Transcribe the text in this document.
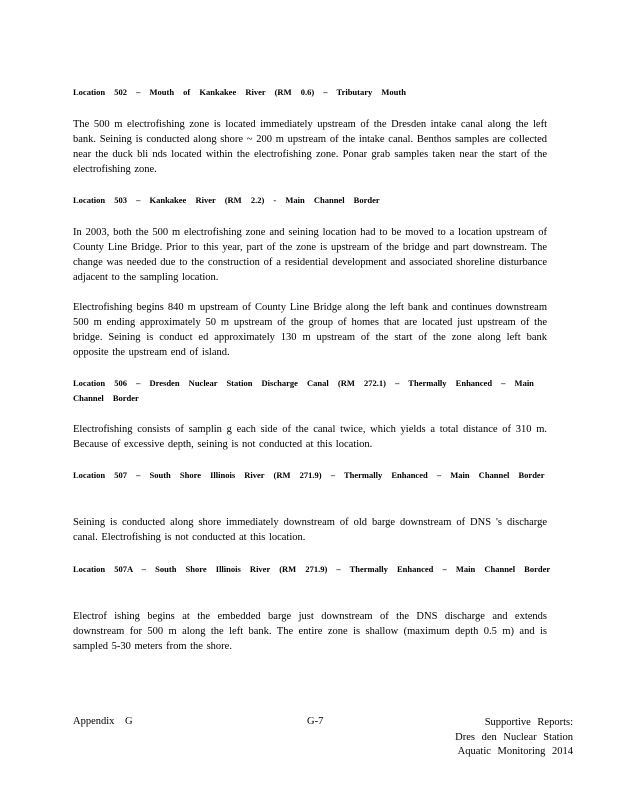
Location 502 – Mouth of Kankakee River (RM 0.6) – Tributary Mouth
The 500 m electrofishing zone is located immediately upstream of the Dresden intake canal along the left bank. Seining is conducted along shore ~ 200 m upstream of the intake canal. Benthos samples are collected near the duck bli nds located within the electrofishing zone. Ponar grab samples taken near the start of the electrofishing zone.
Location 503 – Kankakee River (RM 2.2) - Main Channel Border
In 2003, both the 500 m electrofishing zone and seining location had to be moved to a location upstream of County Line Bridge. Prior to this year, part of the zone is upstream of the bridge and part downstream. The change was needed due to the construction of a residential development and associated shoreline disturbance adjacent to the sampling location.
Electrofishing begins 840 m upstream of County Line Bridge along the left bank and continues downstream 500 m ending approximately 50 m upstream of the group of homes that are located just upstream of the bridge. Seining is conduct ed approximately 130 m upstream of the start of the zone along left bank opposite the upstream end of island.
Location 506 – Dresden Nuclear Station Discharge Canal (RM 272.1) – Thermally Enhanced – Main Channel Border
Electrofishing consists of samplin g each side of the canal twice, which yields a total distance of 310 m. Because of excessive depth, seining is not conducted at this location.
Location 507 – South Shore Illinois River (RM 271.9) – Thermally Enhanced – Main Channel Border
Seining is conducted along shore immediately downstream of old barge downstream of DNS 's discharge canal. Electrofishing is not conducted at this location.
Location 507A – South Shore Illinois River (RM 271.9) – Thermally Enhanced – Main Channel Border
Electrof ishing begins at the embedded barge just downstream of the DNS discharge and extends downstream for 500 m along the left bank. The entire zone is shallow (maximum depth 0.5 m) and is sampled 5-30 meters from the shore.
Appendix G	G-7	Supportive Reports:
Dres den Nuclear Station
Aquatic Monitoring 2014
